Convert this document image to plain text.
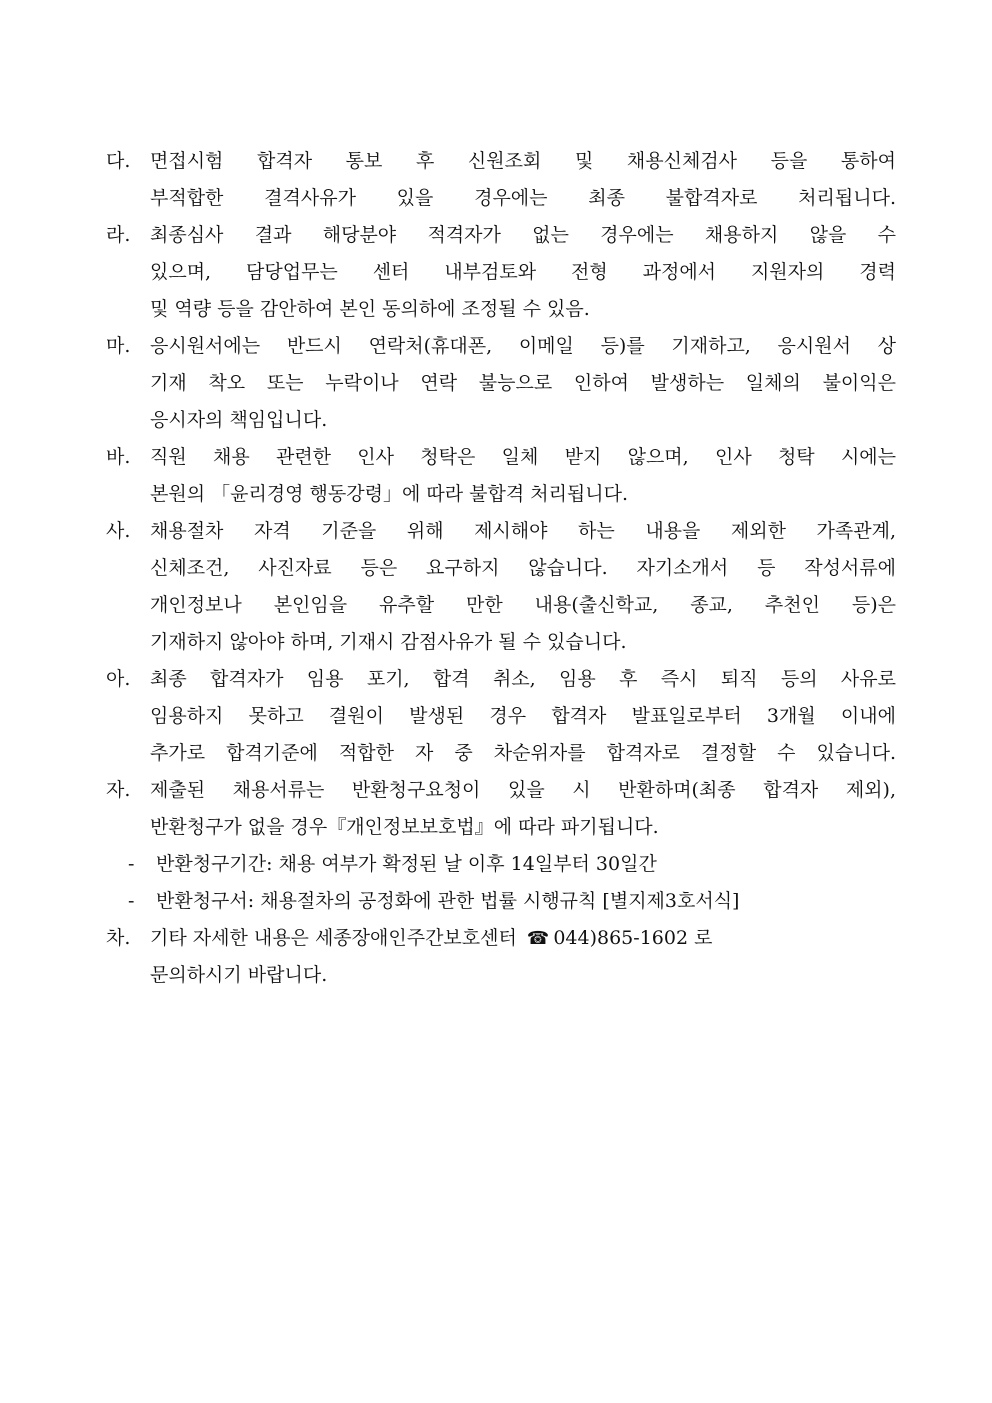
다.	면접시험 합격자 통보 후 신원조회 및 채용신체검사 등을 통하여
부적합한 결격사유가 있을 경우에는 최종 불합격자로 처리됩니다.
라.	최종심사 결과 해당분야 적격자가 없는 경우에는 채용하지 않을 수
있으며, 담당업무는 센터 내부검토와 전형 과정에서 지원자의 경력
및 역량 등을 감안하여 본인 동의하에 조정될 수 있음.
마.	응시원서에는 반드시 연락처(휴대폰, 이메일 등)를 기재하고, 응시원서 상
기재 착오 또는 누락이나 연락 불능으로 인하여 발생하는 일체의 불이익은
응시자의 책임입니다.
바.	직원 채용 관련한 인사 청탁은 일체 받지 않으며, 인사 청탁 시에는
본원의 「윤리경영 행동강령」에 따라 불합격 처리됩니다.
사.	채용절차 자격 기준을 위해 제시해야 하는 내용을 제외한 가족관계,
신체조건, 사진자료 등은 요구하지 않습니다. 자기소개서 등 작성서류에
개인정보나 본인임을 유추할 만한 내용(출신학교, 종교, 추천인 등)은
기재하지 않아야 하며, 기재시 감점사유가 될 수 있습니다.
아.	최종 합격자가 임용 포기, 합격 취소, 임용 후 즉시 퇴직 등의 사유로
임용하지 못하고 결원이 발생된 경우 합격자 발표일로부터 3개월 이내에
추가로 합격기준에 적합한 자 중 차순위자를 합격자로 결정할 수 있습니다.
자.	제출된 채용서류는 반환청구요청이 있을 시 반환하며(최종 합격자 제외),
반환청구가 없을 경우『개인정보보호법』에 따라 파기됩니다.
-	반환청구기간: 채용 여부가 확정된 날 이후 14일부터 30일간
-	반환청구서: 채용절차의 공정화에 관한 법률 시행규칙 [별지제3호서식]
차.	기타 자세한 내용은 세종장애인주간보호센터 ☎ 044)865-1602 로
문의하시기 바랍니다.
